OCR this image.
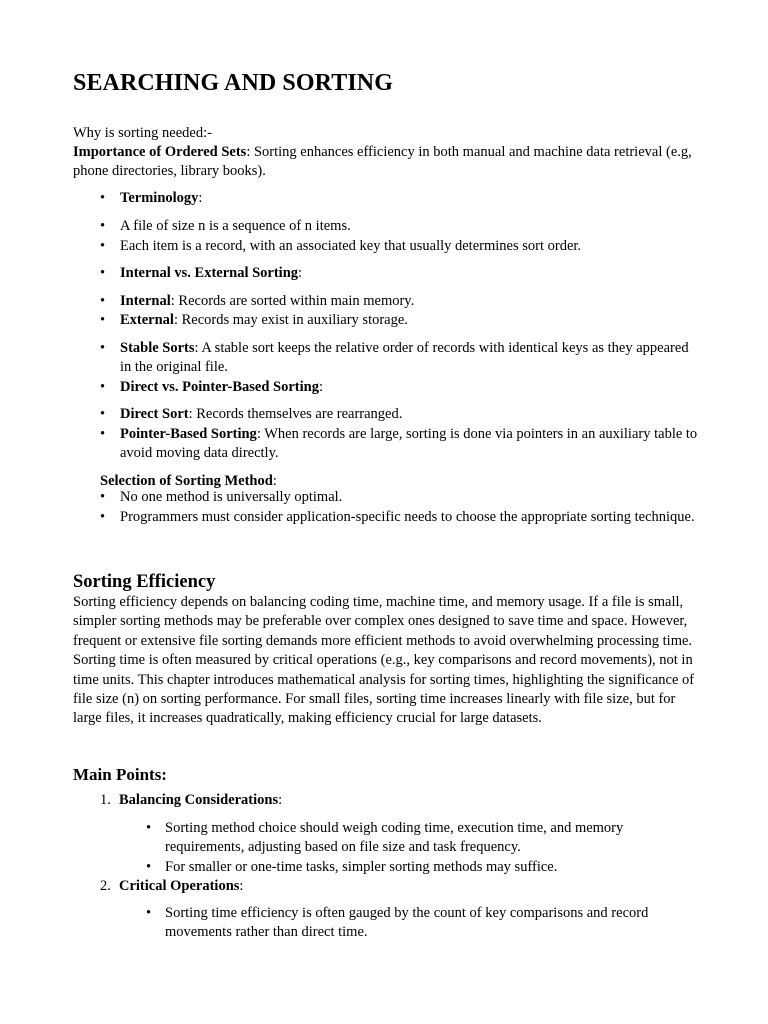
SEARCHING AND SORTING
Why is sorting needed:-
Importance of Ordered Sets: Sorting enhances efficiency in both manual and machine data retrieval (e.g, phone directories, library books).
• Terminology:
• A file of size n is a sequence of n items.
• Each item is a record, with an associated key that usually determines sort order.
• Internal vs. External Sorting:
• Internal: Records are sorted within main memory.
• External: Records may exist in auxiliary storage.
• Stable Sorts: A stable sort keeps the relative order of records with identical keys as they appeared in the original file.
• Direct vs. Pointer-Based Sorting:
• Direct Sort: Records themselves are rearranged.
• Pointer-Based Sorting: When records are large, sorting is done via pointers in an auxiliary table to avoid moving data directly.
Selection of Sorting Method:
• No one method is universally optimal.
• Programmers must consider application-specific needs to choose the appropriate sorting technique.
Sorting Efficiency
Sorting efficiency depends on balancing coding time, machine time, and memory usage. If a file is small, simpler sorting methods may be preferable over complex ones designed to save time and space. However, frequent or extensive file sorting demands more efficient methods to avoid overwhelming processing time. Sorting time is often measured by critical operations (e.g., key comparisons and record movements), not in time units. This chapter introduces mathematical analysis for sorting times, highlighting the significance of file size (n) on sorting performance. For small files, sorting time increases linearly with file size, but for large files, it increases quadratically, making efficiency crucial for large datasets.
Main Points:
1. Balancing Considerations:
• Sorting method choice should weigh coding time, execution time, and memory requirements, adjusting based on file size and task frequency.
• For smaller or one-time tasks, simpler sorting methods may suffice.
2. Critical Operations:
• Sorting time efficiency is often gauged by the count of key comparisons and record movements rather than direct time.
